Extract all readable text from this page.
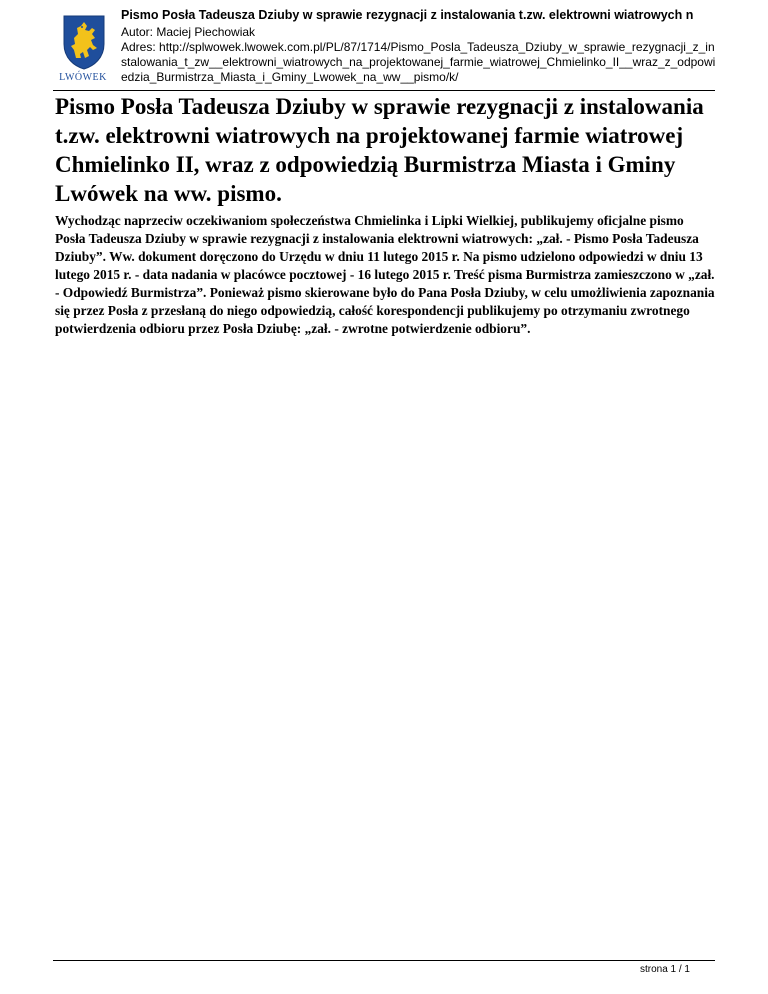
LWÓWEK
Pismo Posła Tadeusza Dziuby w sprawie rezygnacji z instalowania t.zw. elektrowni wiatrowych n
Autor: Maciej Piechowiak
Adres: http://splwowek.lwowek.com.pl/PL/87/1714/Pismo_Posla_Tadeusza_Dziuby_w_sprawie_rezygnacji_z_instalowania_t_zw__elektrowni_wiatrowych_na_projektowanej_farmie_wiatrowej_Chmielinko_II__wraz_z_odpowiedzia_Burmistrza_Miasta_i_Gminy_Lwowek_na_ww__pismo/k/
Pismo Posła Tadeusza Dziuby w sprawie rezygnacji z instalowania t.zw. elektrowni wiatrowych na projektowanej farmie wiatrowej Chmielinko II, wraz z odpowiedzią Burmistrza Miasta i Gminy Lwówek na ww. pismo.

Wychodząc naprzeciw oczekiwaniom społeczeństwa Chmielinka i Lipki Wielkiej, publikujemy oficjalne pismo Posła Tadeusza Dziuby w sprawie rezygnacji z instalowania elektrowni wiatrowych: „zał. - Pismo Posła Tadeusza Dziuby”. Ww. dokument doręczono do Urzędu w dniu 11 lutego 2015 r. Na pismo udzielono odpowiedzi w dniu 13 lutego 2015 r. - data nadania w placówce pocztowej - 16 lutego 2015 r. Treść pisma Burmistrza zamieszczono w „zał. - Odpowiedź Burmistrza”. Ponieważ pismo skierowane było do Pana Posła Dziuby, w celu umożliwienia zapoznania się przez Posła z przesłaną do niego odpowiedzią, całość korespondencji publikujemy po otrzymaniu zwrotnego potwierdzenia odbioru przez Posła Dziubę: „zał. - zwrotne potwierdzenie odbioru”.

strona 1 / 1
